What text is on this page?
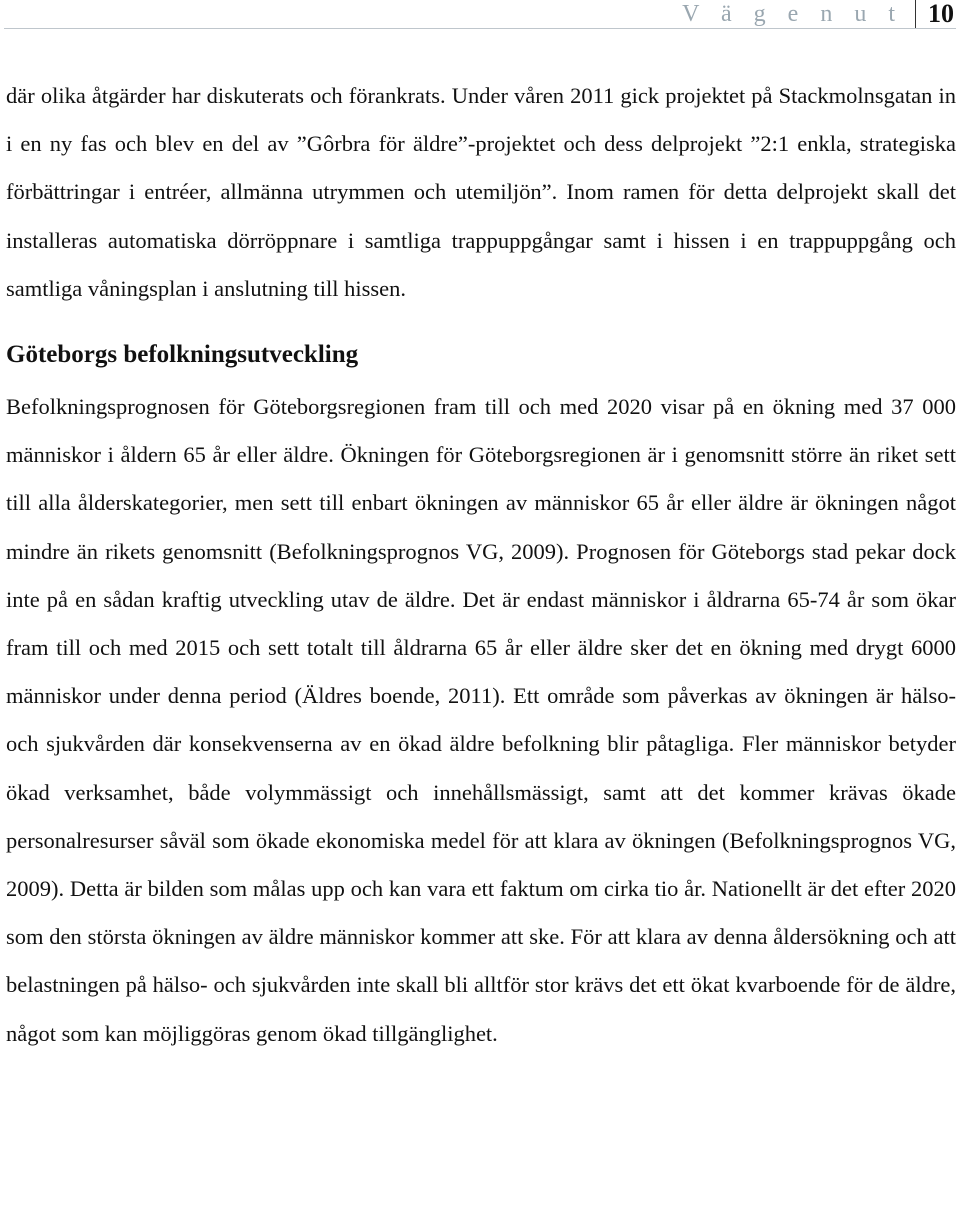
V ä g e n u t 10

där olika åtgärder har diskuterats och förankrats. Under våren 2011 gick projektet på Stackmolnsgatan in i en ny fas och blev en del av ”Gôrbra för äldre”-projektet och dess delprojekt ”2:1 enkla, strategiska förbättringar i entréer, allmänna utrymmen och utemiljön”. Inom ramen för detta delprojekt skall det installeras automatiska dörröppnare i samtliga trappuppgångar samt i hissen i en trappuppgång och samtliga våningsplan i anslutning till hissen.

Göteborgs befolkningsutveckling

Befolkningsprognosen för Göteborgsregionen fram till och med 2020 visar på en ökning med 37 000 människor i åldern 65 år eller äldre. Ökningen för Göteborgsregionen är i genomsnitt större än riket sett till alla ålderskategorier, men sett till enbart ökningen av människor 65 år eller äldre är ökningen något mindre än rikets genomsnitt (Befolkningsprognos VG, 2009). Prognosen för Göteborgs stad pekar dock inte på en sådan kraftig utveckling utav de äldre. Det är endast människor i åldrarna 65-74 år som ökar fram till och med 2015 och sett totalt till åldrarna 65 år eller äldre sker det en ökning med drygt 6000 människor under denna period (Äldres boende, 2011). Ett område som påverkas av ökningen är hälso- och sjukvården där konsekvenserna av en ökad äldre befolkning blir påtagliga. Fler människor betyder ökad verksamhet, både volymmässigt och innehållsmässigt, samt att det kommer krävas ökade personalresurser såväl som ökade ekonomiska medel för att klara av ökningen (Befolkningsprognos VG, 2009). Detta är bilden som målas upp och kan vara ett faktum om cirka tio år. Nationellt är det efter 2020 som den största ökningen av äldre människor kommer att ske. För att klara av denna åldersökning och att belastningen på hälso- och sjukvården inte skall bli alltför stor krävs det ett ökat kvarboende för de äldre, något som kan möjliggöras genom ökad tillgänglighet.
